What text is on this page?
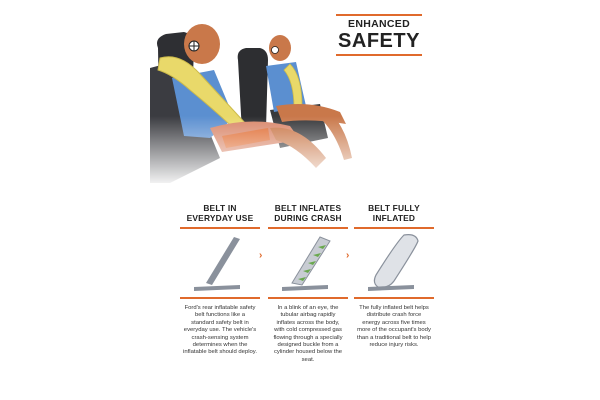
ENHANCED
SAFETY
BELT IN
EVERYDAY USE
Ford's rear inflatable safety belt functions like a standard safety belt in everyday use. The vehicle's crash-sensing system determines when the inflatable belt should deploy.
›
BELT INFLATES
DURING CRASH
In a blink of an eye, the tubular airbag rapidly inflates across the body, with cold compressed gas flowing through a specially designed buckle from a cylinder housed below the seat.
›
BELT FULLY
INFLATED
The fully inflated belt helps distribute crash force energy across five times more of the occupant's body than a traditional belt to help reduce injury risks.
